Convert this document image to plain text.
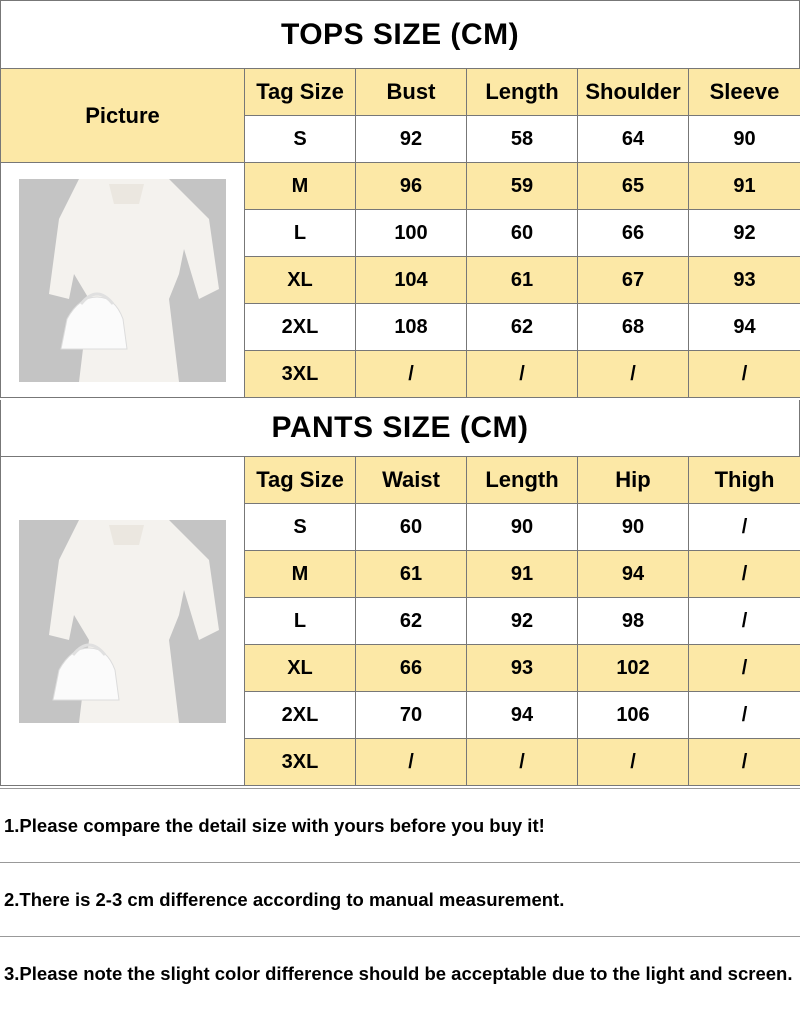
TOPS SIZE (CM)
Picture	Tag Size	Bust	Length	Shoulder	Sleeve
	S	92	58	64	90

	M	96	59	65	91
	L	100	60	66	92
	XL	104	61	67	93
	2XL	108	62	68	94
	3XL	/	/	/	/
PANTS SIZE (CM)
	Tag Size	Waist	Length	Hip	Thigh
	S	60	90	90	/
	M	61	91	94	/
	L	62	92	98	/
	XL	66	93	102	/
	2XL	70	94	106	/
	3XL	/	/	/	/
1.Please compare the detail size with yours before you buy it!
2.There is 2-3 cm difference according to manual measurement.
3.Please note the slight color difference should be acceptable due to the light and screen.
